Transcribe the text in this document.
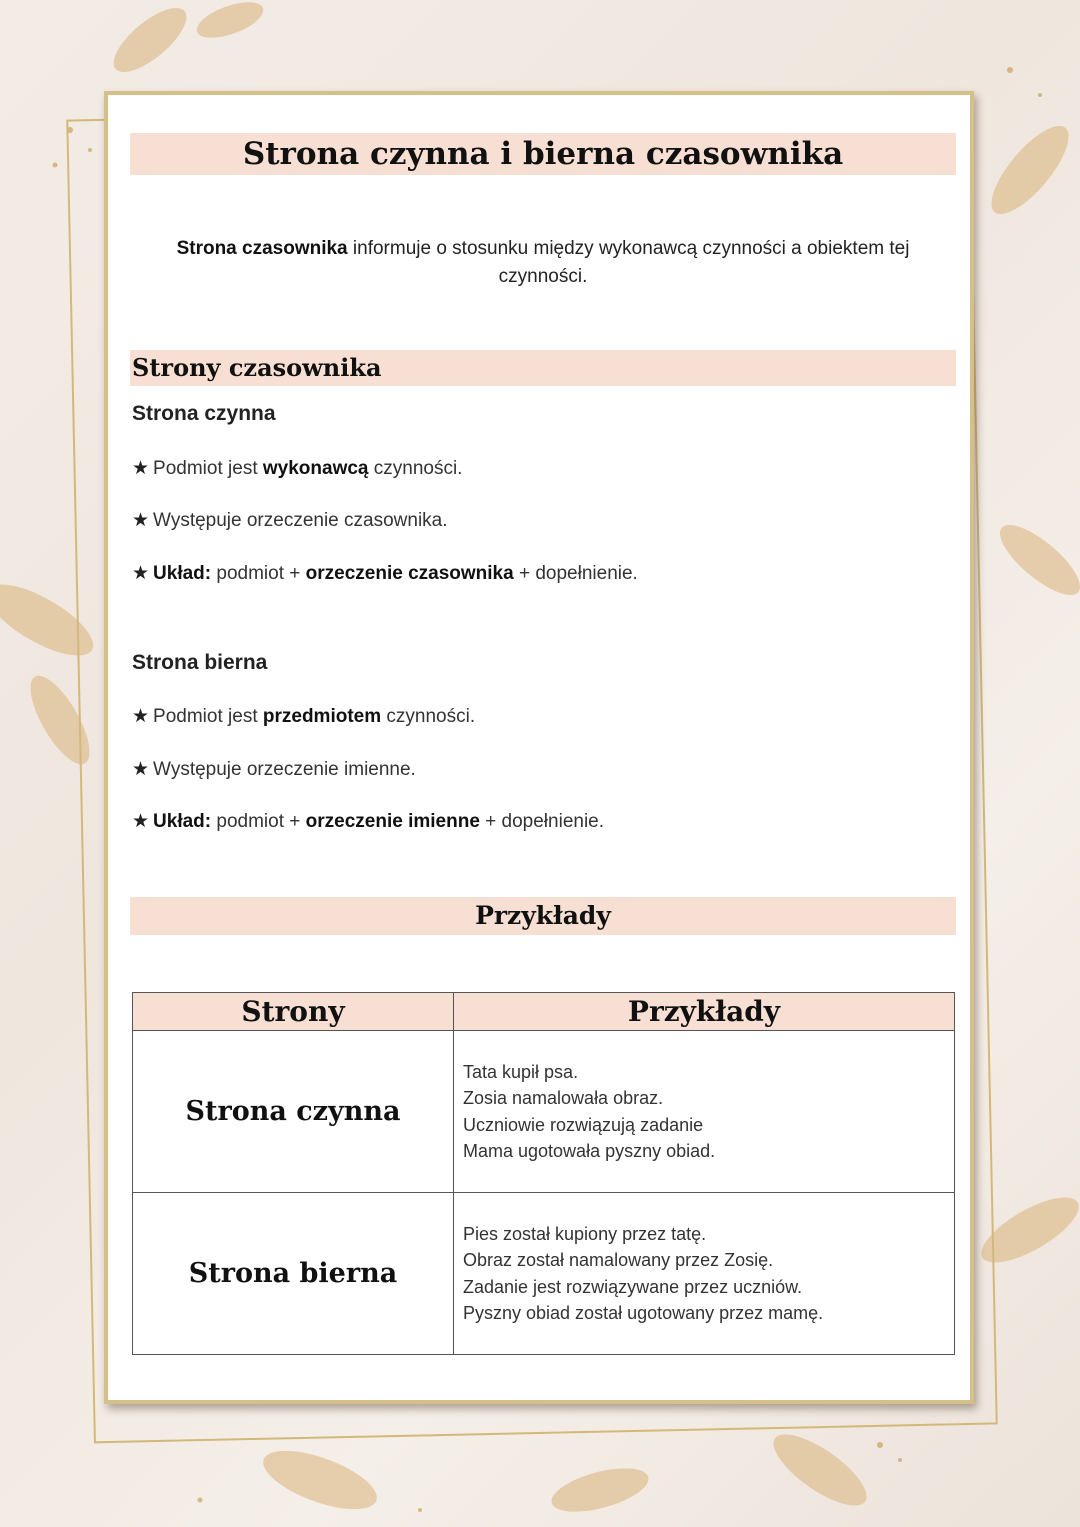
Strona czynna i bierna czasownika
Strona czasownika informuje o stosunku między wykonawcą czynności a obiektem tej czynności.
Strony czasownika
Strona czynna
★ Podmiot jest wykonawcą czynności.
★ Występuje orzeczenie czasownika.
★ Układ: podmiot + orzeczenie czasownika + dopełnienie.
Strona bierna
★ Podmiot jest przedmiotem czynności.
★ Występuje orzeczenie imienne.
★ Układ: podmiot + orzeczenie imienne + dopełnienie.
Przykłady
Strony	Przykłady
Strona czynna	Tata kupił psa.
Zosia namalowała obraz.
Uczniowie rozwiązują zadanie
Mama ugotowała pyszny obiad.

Strona bierna	Pies został kupiony przez tatę.
Obraz został namalowany przez Zosię.
Zadanie jest rozwiązywane przez uczniów.
Pyszny obiad został ugotowany przez mamę.
